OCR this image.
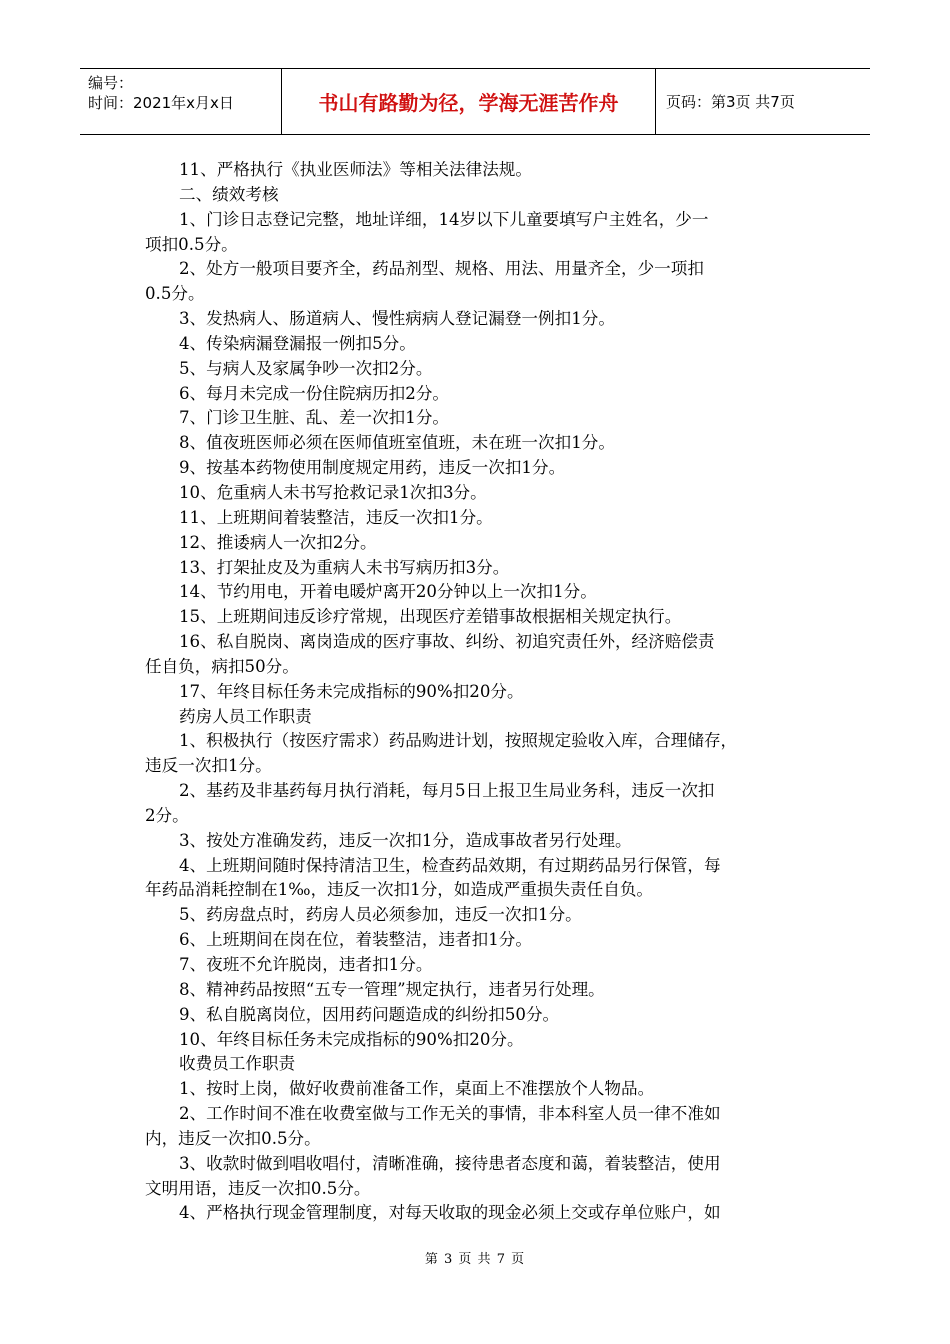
编号：
时间：2021年x月x日	书山有路勤为径，学海无涯苦作舟	页码：第3页 共7页
11、严格执行《执业医师法》等相关法律法规。
二、绩效考核
1、门诊日志登记完整，地址详细，14岁以下儿童要填写户主姓名，少一
项扣0.5分。
2、处方一般项目要齐全，药品剂型、规格、用法、用量齐全，少一项扣
0.5分。
3、发热病人、肠道病人、慢性病病人登记漏登一例扣1分。
4、传染病漏登漏报一例扣5分。
5、与病人及家属争吵一次扣2分。
6、每月未完成一份住院病历扣2分。
7、门诊卫生脏、乱、差一次扣1分。
8、值夜班医师必须在医师值班室值班，未在班一次扣1分。
9、按基本药物使用制度规定用药，违反一次扣1分。
10、危重病人未书写抢救记录1次扣3分。
11、上班期间着装整洁，违反一次扣1分。
12、推诿病人一次扣2分。
13、打架扯皮及为重病人未书写病历扣3分。
14、节约用电，开着电暖炉离开20分钟以上一次扣1分。
15、上班期间违反诊疗常规，出现医疗差错事故根据相关规定执行。
16、私自脱岗、离岗造成的医疗事故、纠纷、初追究责任外，经济赔偿责
任自负，病扣50分。
17、年终目标任务未完成指标的90%扣20分。
药房人员工作职责
1、积极执行（按医疗需求）药品购进计划，按照规定验收入库，合理储存，
违反一次扣1分。
2、基药及非基药每月执行消耗，每月5日上报卫生局业务科，违反一次扣
2分。
3、按处方准确发药，违反一次扣1分，造成事故者另行处理。
4、上班期间随时保持清洁卫生，检查药品效期，有过期药品另行保管，每
年药品消耗控制在1‰，违反一次扣1分，如造成严重损失责任自负。
5、药房盘点时，药房人员必须参加，违反一次扣1分。
6、上班期间在岗在位，着装整洁，违者扣1分。
7、夜班不允许脱岗，违者扣1分。
8、精神药品按照“五专一管理”规定执行，违者另行处理。
9、私自脱离岗位，因用药问题造成的纠纷扣50分。
10、年终目标任务未完成指标的90%扣20分。
收费员工作职责
1、按时上岗，做好收费前准备工作，桌面上不准摆放个人物品。
2、工作时间不准在收费室做与工作无关的事情，非本科室人员一律不准如
内，违反一次扣0.5分。
3、收款时做到唱收唱付，清晰准确，接待患者态度和蔼，着装整洁，使用
文明用语，违反一次扣0.5分。
4、严格执行现金管理制度，对每天收取的现金必须上交或存单位账户，如
第 3 页 共 7 页
